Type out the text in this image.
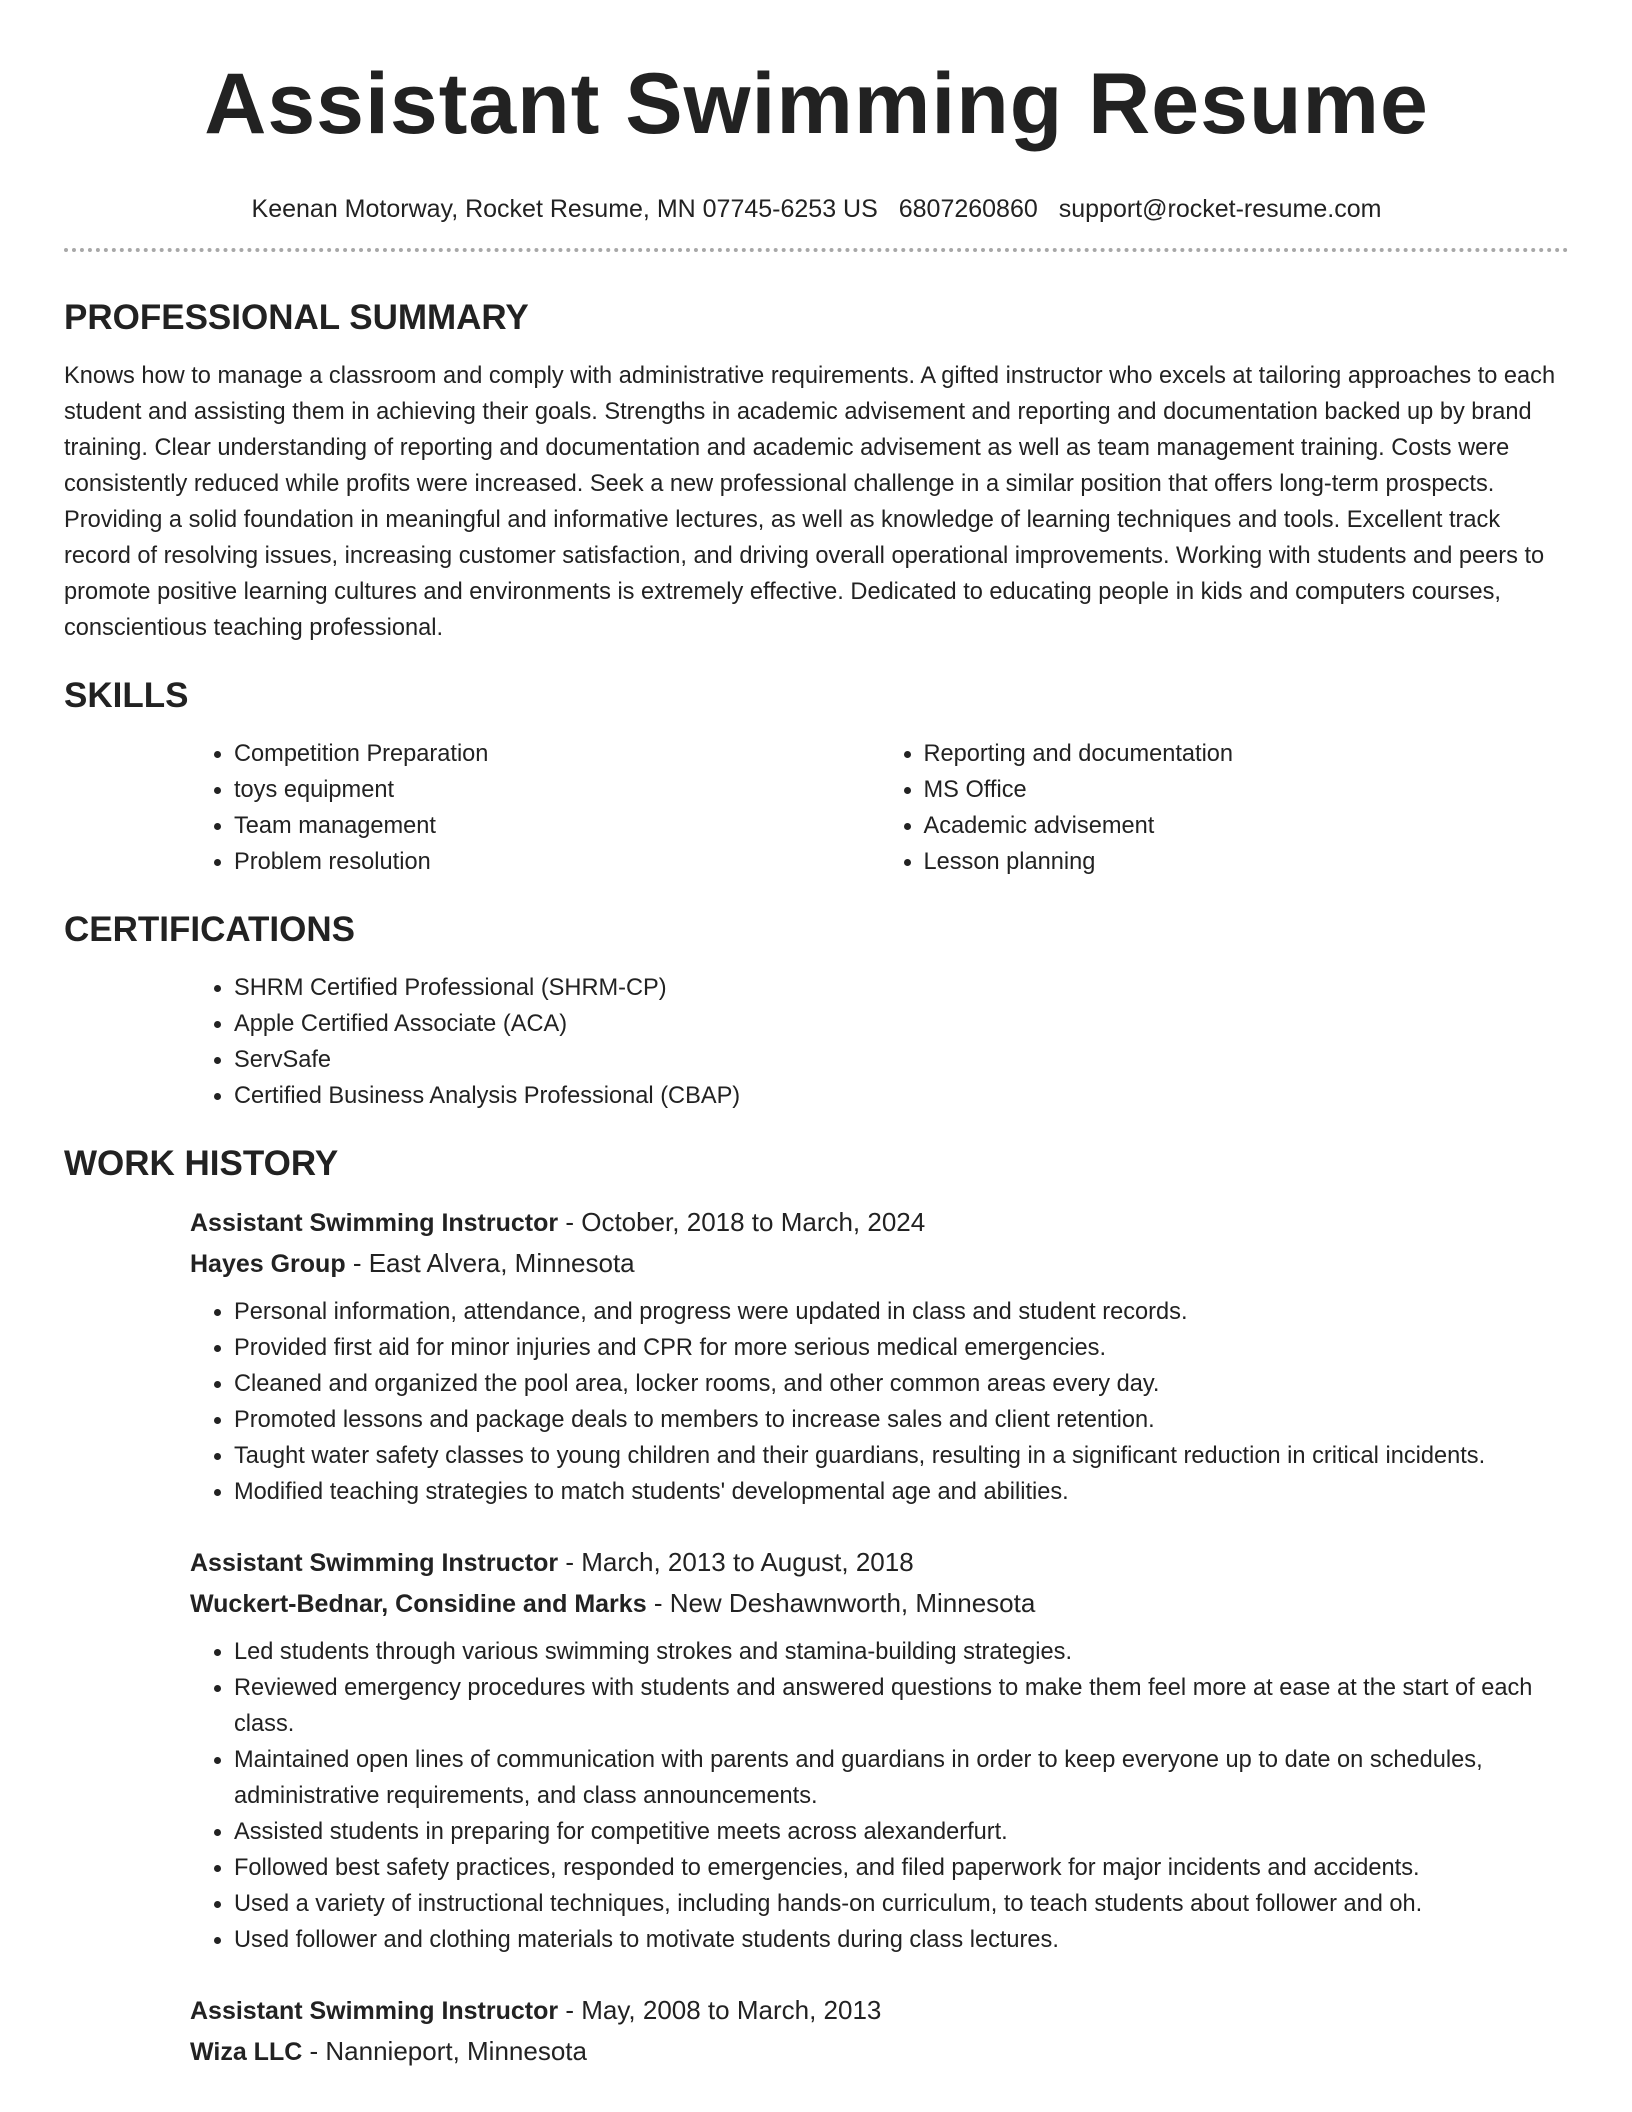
Assistant Swimming Resume
Keenan Motorway, Rocket Resume, MN 07745-6253 US 6807260860 support@rocket-resume.com
PROFESSIONAL SUMMARY

Knows how to manage a classroom and comply with administrative requirements. A gifted instructor who excels at tailoring approaches to each student and assisting them in achieving their goals. Strengths in academic advisement and reporting and documentation backed up by brand training. Clear understanding of reporting and documentation and academic advisement as well as team management training. Costs were consistently reduced while profits were increased. Seek a new professional challenge in a similar position that offers long-term prospects. Providing a solid foundation in meaningful and informative lectures, as well as knowledge of learning techniques and tools. Excellent track record of resolving issues, increasing customer satisfaction, and driving overall operational improvements. Working with students and peers to promote positive learning cultures and environments is extremely effective. Dedicated to educating people in kids and computers courses, conscientious teaching professional.

SKILLS
• Competition Preparation
• toys equipment
• Team management
• Problem resolution
• Reporting and documentation
• MS Office
• Academic advisement
• Lesson planning
CERTIFICATIONS
• SHRM Certified Professional (SHRM-CP)
• Apple Certified Associate (ACA)
• ServSafe
• Certified Business Analysis Professional (CBAP)
WORK HISTORY

Assistant Swimming Instructor - October, 2018 to March, 2024

Hayes Group - East Alvera, Minnesota

• Personal information, attendance, and progress were updated in class and student records.
• Provided first aid for minor injuries and CPR for more serious medical emergencies.
• Cleaned and organized the pool area, locker rooms, and other common areas every day.
• Promoted lessons and package deals to members to increase sales and client retention.
• Taught water safety classes to young children and their guardians, resulting in a significant reduction in critical incidents.
• Modified teaching strategies to match students' developmental age and abilities.

Assistant Swimming Instructor - March, 2013 to August, 2018

Wuckert-Bednar, Considine and Marks - New Deshawnworth, Minnesota

• Led students through various swimming strokes and stamina-building strategies.
• Reviewed emergency procedures with students and answered questions to make them feel more at ease at the start of each class.
• Maintained open lines of communication with parents and guardians in order to keep everyone up to date on schedules, administrative requirements, and class announcements.
• Assisted students in preparing for competitive meets across alexanderfurt.
• Followed best safety practices, responded to emergencies, and filed paperwork for major incidents and accidents.
• Used a variety of instructional techniques, including hands-on curriculum, to teach students about follower and oh.
• Used follower and clothing materials to motivate students during class lectures.

Assistant Swimming Instructor - May, 2008 to March, 2013

Wiza LLC - Nannieport, Minnesota
